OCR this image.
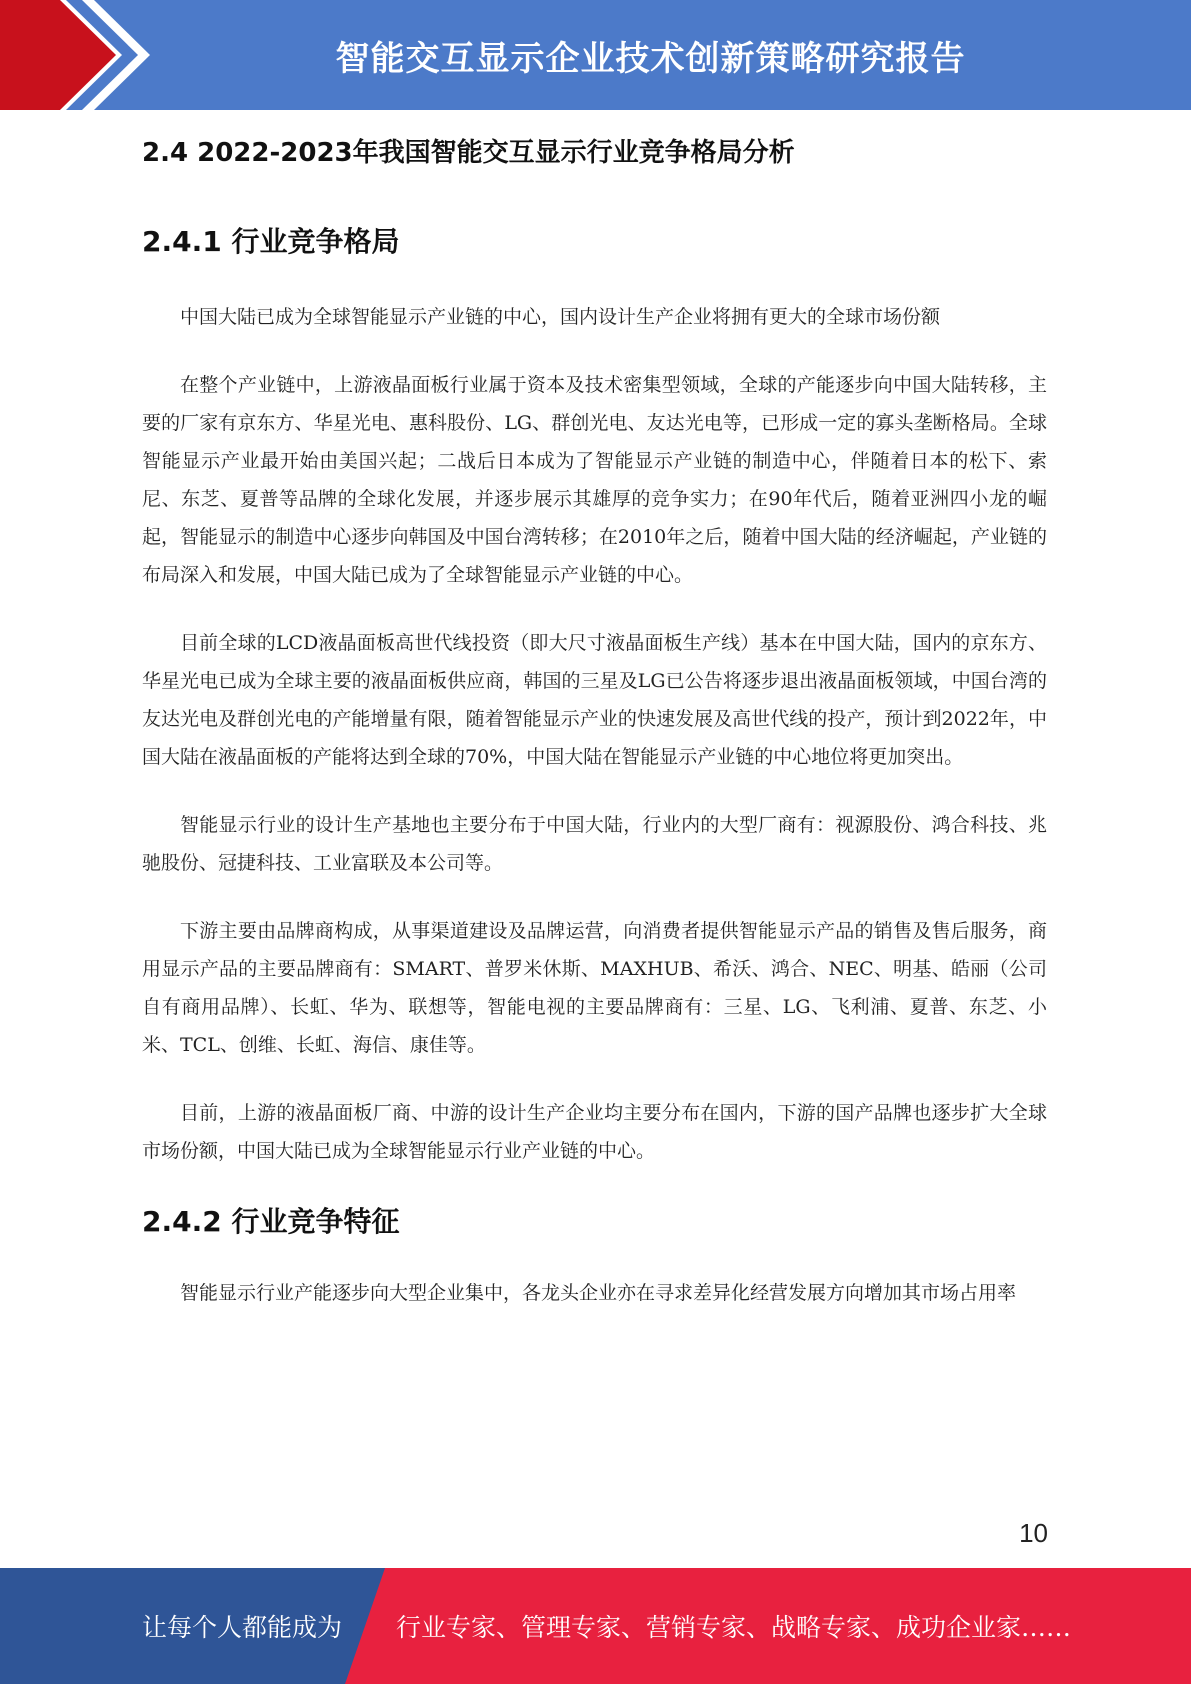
智能交互显示企业技术创新策略研究报告
2.4 2022-2023年我国智能交互显示行业竞争格局分析
2.4.1 行业竞争格局

中国大陆已成为全球智能显示产业链的中心，国内设计生产企业将拥有更大的全球市场份额

在整个产业链中，上游液晶面板行业属于资本及技术密集型领域，全球的产能逐步向中国大陆转移，主要的厂家有京东方、华星光电、惠科股份、LG、群创光电、友达光电等，已形成一定的寡头垄断格局。全球智能显示产业最开始由美国兴起；二战后日本成为了智能显示产业链的制造中心，伴随着日本的松下、索尼、东芝、夏普等品牌的全球化发展，并逐步展示其雄厚的竞争实力；在90年代后，随着亚洲四小龙的崛起，智能显示的制造中心逐步向韩国及中国台湾转移；在2010年之后，随着中国大陆的经济崛起，产业链的布局深入和发展，中国大陆已成为了全球智能显示产业链的中心。

目前全球的LCD液晶面板高世代线投资（即大尺寸液晶面板生产线）基本在中国大陆，国内的京东方、华星光电已成为全球主要的液晶面板供应商，韩国的三星及LG已公告将逐步退出液晶面板领域，中国台湾的友达光电及群创光电的产能增量有限，随着智能显示产业的快速发展及高世代线的投产，预计到2022年，中国大陆在液晶面板的产能将达到全球的70%，中国大陆在智能显示产业链的中心地位将更加突出。

智能显示行业的设计生产基地也主要分布于中国大陆，行业内的大型厂商有：视源股份、鸿合科技、兆驰股份、冠捷科技、工业富联及本公司等。

下游主要由品牌商构成，从事渠道建设及品牌运营，向消费者提供智能显示产品的销售及售后服务，商用显示产品的主要品牌商有：SMART、普罗米休斯、MAXHUB、希沃、鸿合、NEC、明基、皓丽（公司自有商用品牌）、长虹、华为、联想等，智能电视的主要品牌商有：三星、LG、飞利浦、夏普、东芝、小米、TCL、创维、长虹、海信、康佳等。

目前，上游的液晶面板厂商、中游的设计生产企业均主要分布在国内，下游的国产品牌也逐步扩大全球市场份额，中国大陆已成为全球智能显示行业产业链的中心。

2.4.2 行业竞争特征

智能显示行业产能逐步向大型企业集中，各龙头企业亦在寻求差异化经营发展方向增加其市场占用率

10
让每个人都能成为 行业专家、管理专家、营销专家、战略专家、成功企业家……
